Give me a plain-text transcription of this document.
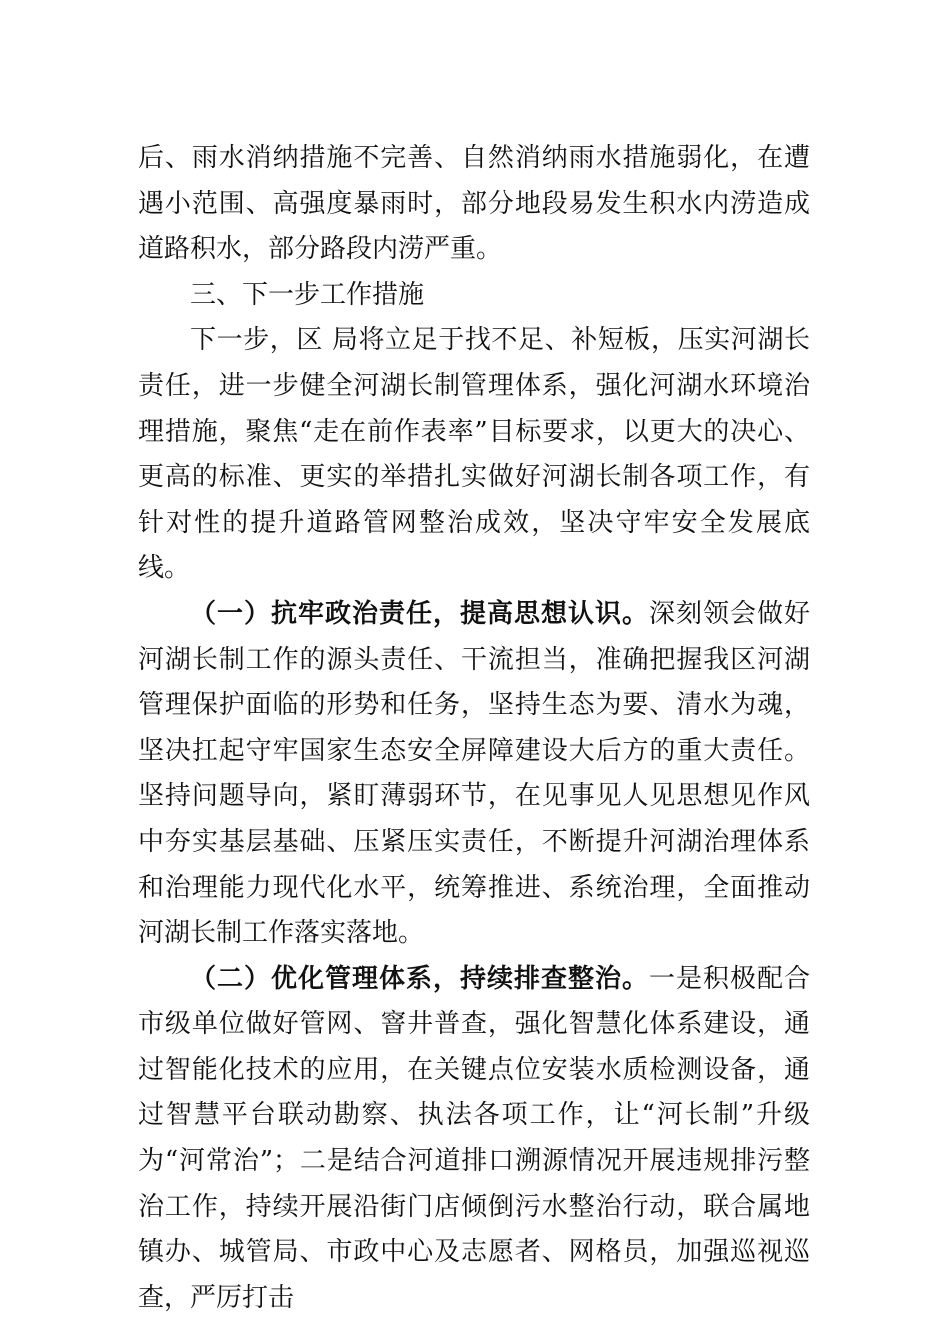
后、雨水消纳措施不完善、自然消纳雨水措施弱化，在遭遇小范围、高强度暴雨时，部分地段易发生积水内涝造成道路积水，部分路段内涝严重。

三、下一步工作措施

下一步，区 局将立足于找不足、补短板，压实河湖长责任，进一步健全河湖长制管理体系，强化河湖水环境治理措施，聚焦“走在前作表率”目标要求，以更大的决心、更高的标准、更实的举措扎实做好河湖长制各项工作，有针对性的提升道路管网整治成效，坚决守牢安全发展底线。

（一）抗牢政治责任，提高思想认识。深刻领会做好河湖长制工作的源头责任、干流担当，准确把握我区河湖管理保护面临的形势和任务，坚持生态为要、清水为魂，坚决扛起守牢国家生态安全屏障建设大后方的重大责任。坚持问题导向，紧盯薄弱环节，在见事见人见思想见作风中夯实基层基础、压紧压实责任，不断提升河湖治理体系和治理能力现代化水平，统筹推进、系统治理，全面推动河湖长制工作落实落地。

（二）优化管理体系，持续排查整治。一是积极配合市级单位做好管网、窨井普查，强化智慧化体系建设，通过智能化技术的应用，在关键点位安装水质检测设备，通过智慧平台联动勘察、执法各项工作，让“河长制”升级为“河常治”；二是结合河道排口溯源情况开展违规排污整治工作，持续开展沿街门店倾倒污水整治行动，联合属地镇办、城管局、市政中心及志愿者、网格员，加强巡视巡查，严厉打击
